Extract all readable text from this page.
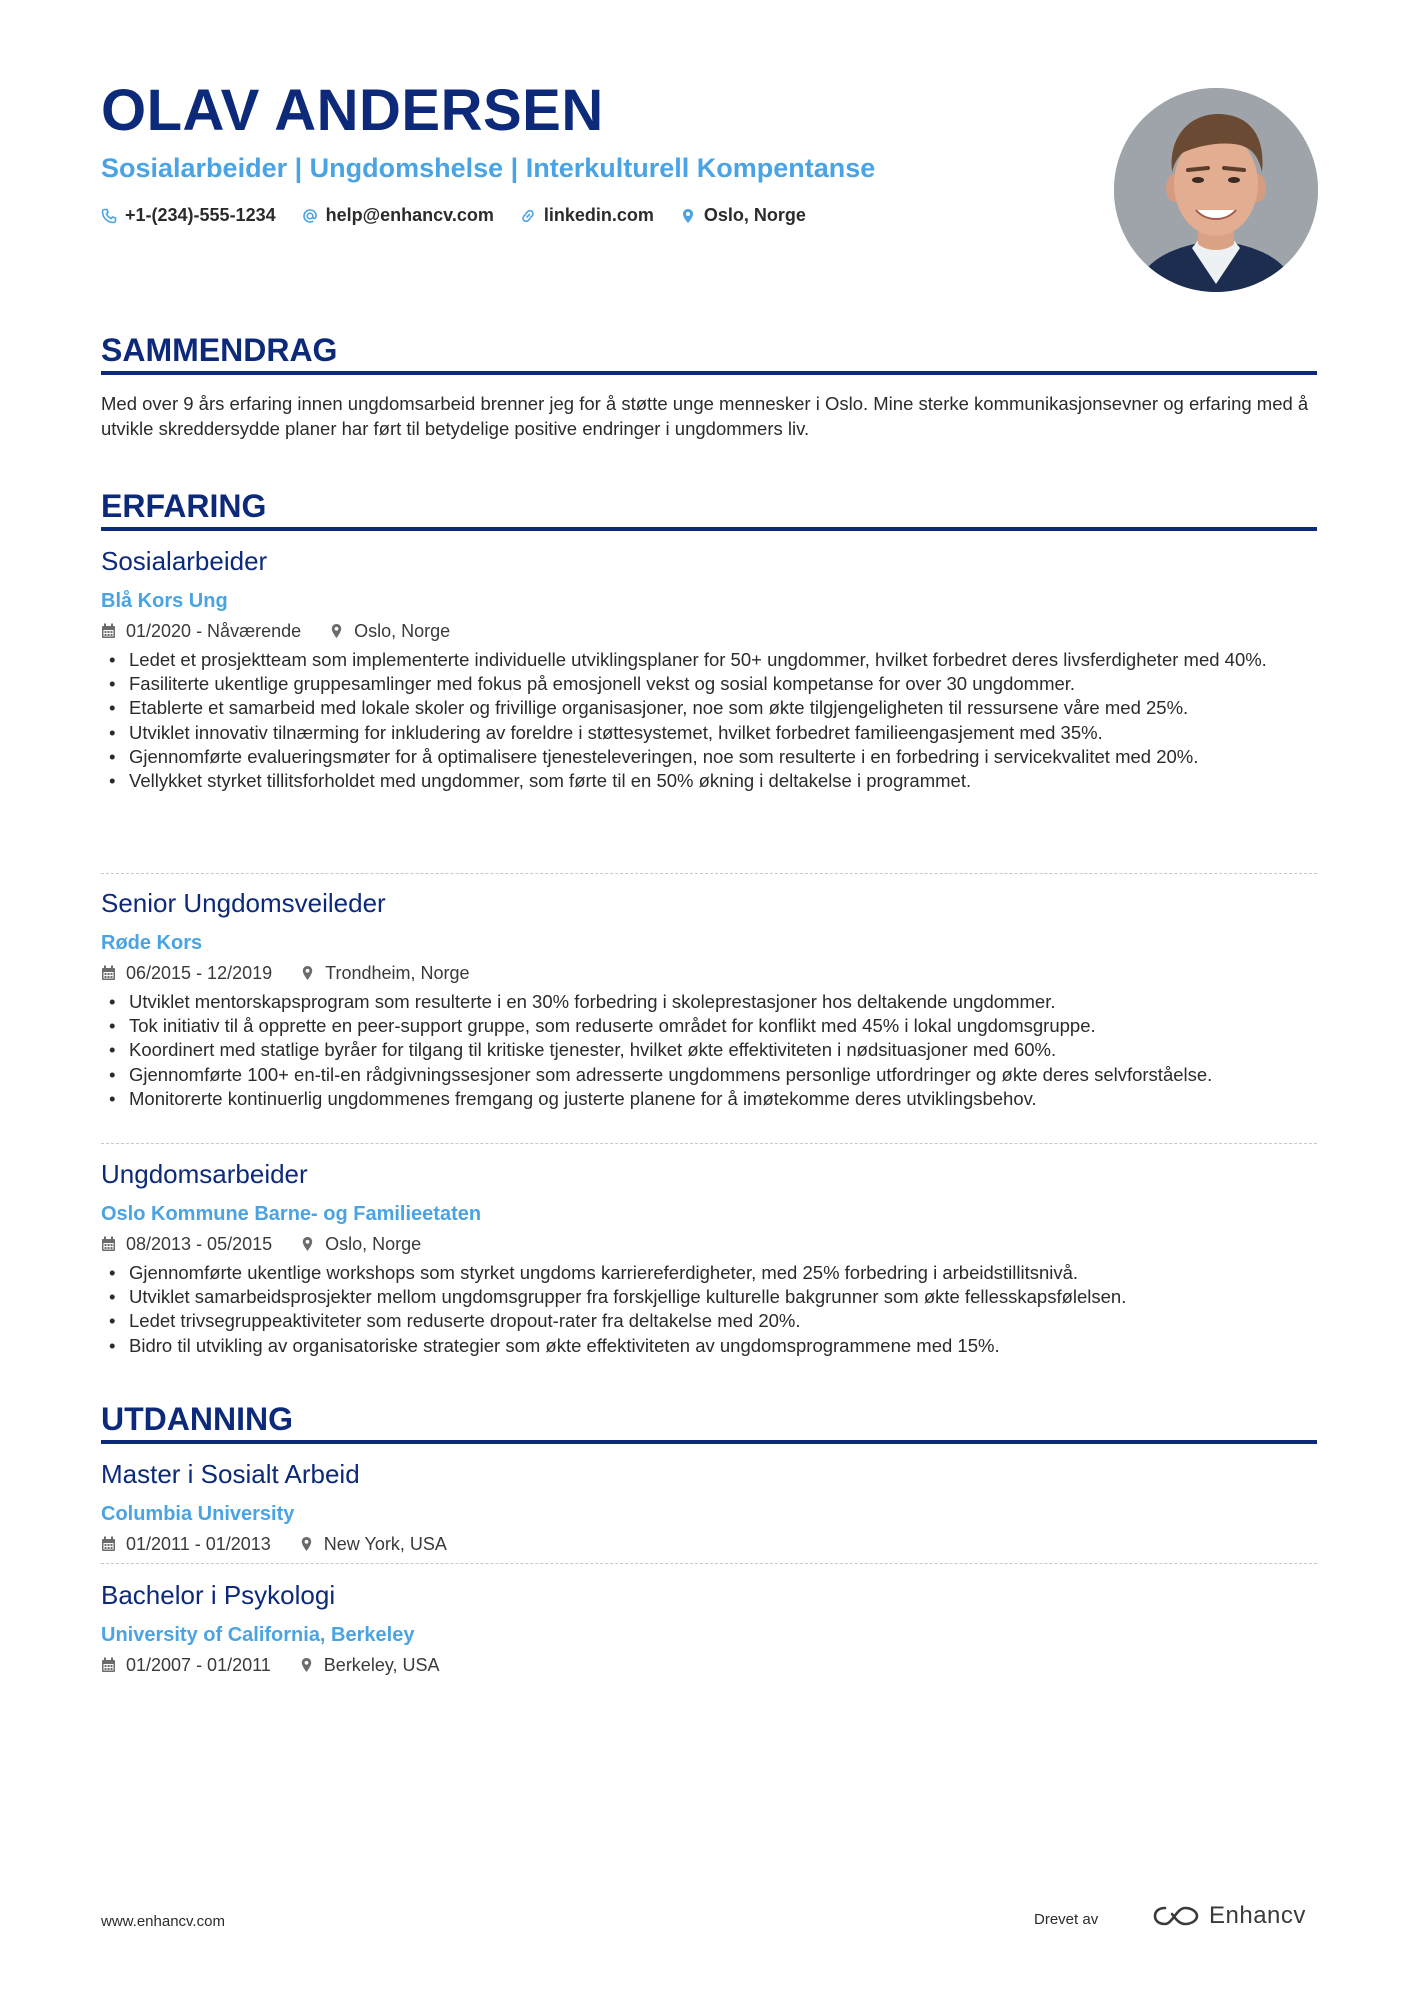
OLAV ANDERSEN
Sosialarbeider | Ungdomshelse | Interkulturell Kompentanse
+1-(234)-555-1234	help@enhancv.com	linkedin.com	Oslo, Norge
SAMMENDRAG
Med over 9 års erfaring innen ungdomsarbeid brenner jeg for å støtte unge mennesker i Oslo. Mine sterke kommunikasjonsevner og erfaring med å utvikle skreddersydde planer har ført til betydelige positive endringer i ungdommers liv.
ERFARING
Sosialarbeider
Blå Kors Ung
01/2020 - Nåværende	Oslo, Norge
• Ledet et prosjektteam som implementerte individuelle utviklingsplaner for 50+ ungdommer, hvilket forbedret deres livsferdigheter med 40%.
• Fasiliterte ukentlige gruppesamlinger med fokus på emosjonell vekst og sosial kompetanse for over 30 ungdommer.
• Etablerte et samarbeid med lokale skoler og frivillige organisasjoner, noe som økte tilgjengeligheten til ressursene våre med 25%.
• Utviklet innovativ tilnærming for inkludering av foreldre i støttesystemet, hvilket forbedret familieengasjement med 35%.
• Gjennomførte evalueringsmøter for å optimalisere tjenesteleveringen, noe som resulterte i en forbedring i servicekvalitet med 20%.
• Vellykket styrket tillitsforholdet med ungdommer, som førte til en 50% økning i deltakelse i programmet.
Senior Ungdomsveileder
Røde Kors
06/2015 - 12/2019	Trondheim, Norge
• Utviklet mentorskapsprogram som resulterte i en 30% forbedring i skoleprestasjoner hos deltakende ungdommer.
• Tok initiativ til å opprette en peer-support gruppe, som reduserte området for konflikt med 45% i lokal ungdomsgruppe.
• Koordinert med statlige byråer for tilgang til kritiske tjenester, hvilket økte effektiviteten i nødsituasjoner med 60%.
• Gjennomførte 100+ en-til-en rådgivningssesjoner som adresserte ungdommens personlige utfordringer og økte deres selvforståelse.
• Monitorerte kontinuerlig ungdommenes fremgang og justerte planene for å imøtekomme deres utviklingsbehov.
Ungdomsarbeider
Oslo Kommune Barne- og Familieetaten
08/2013 - 05/2015	Oslo, Norge
• Gjennomførte ukentlige workshops som styrket ungdoms karriereferdigheter, med 25% forbedring i arbeidstillitsnivå.
• Utviklet samarbeidsprosjekter mellom ungdomsgrupper fra forskjellige kulturelle bakgrunner som økte fellesskapsfølelsen.
• Ledet trivsegruppeaktiviteter som reduserte dropout-rater fra deltakelse med 20%.
• Bidro til utvikling av organisatoriske strategier som økte effektiviteten av ungdomsprogrammene med 15%.
UTDANNING
Master i Sosialt Arbeid
Columbia University
01/2011 - 01/2013	New York, USA
Bachelor i Psykologi
University of California, Berkeley
01/2007 - 01/2011	Berkeley, USA
www.enhancv.com	Drevet av	Enhancv
